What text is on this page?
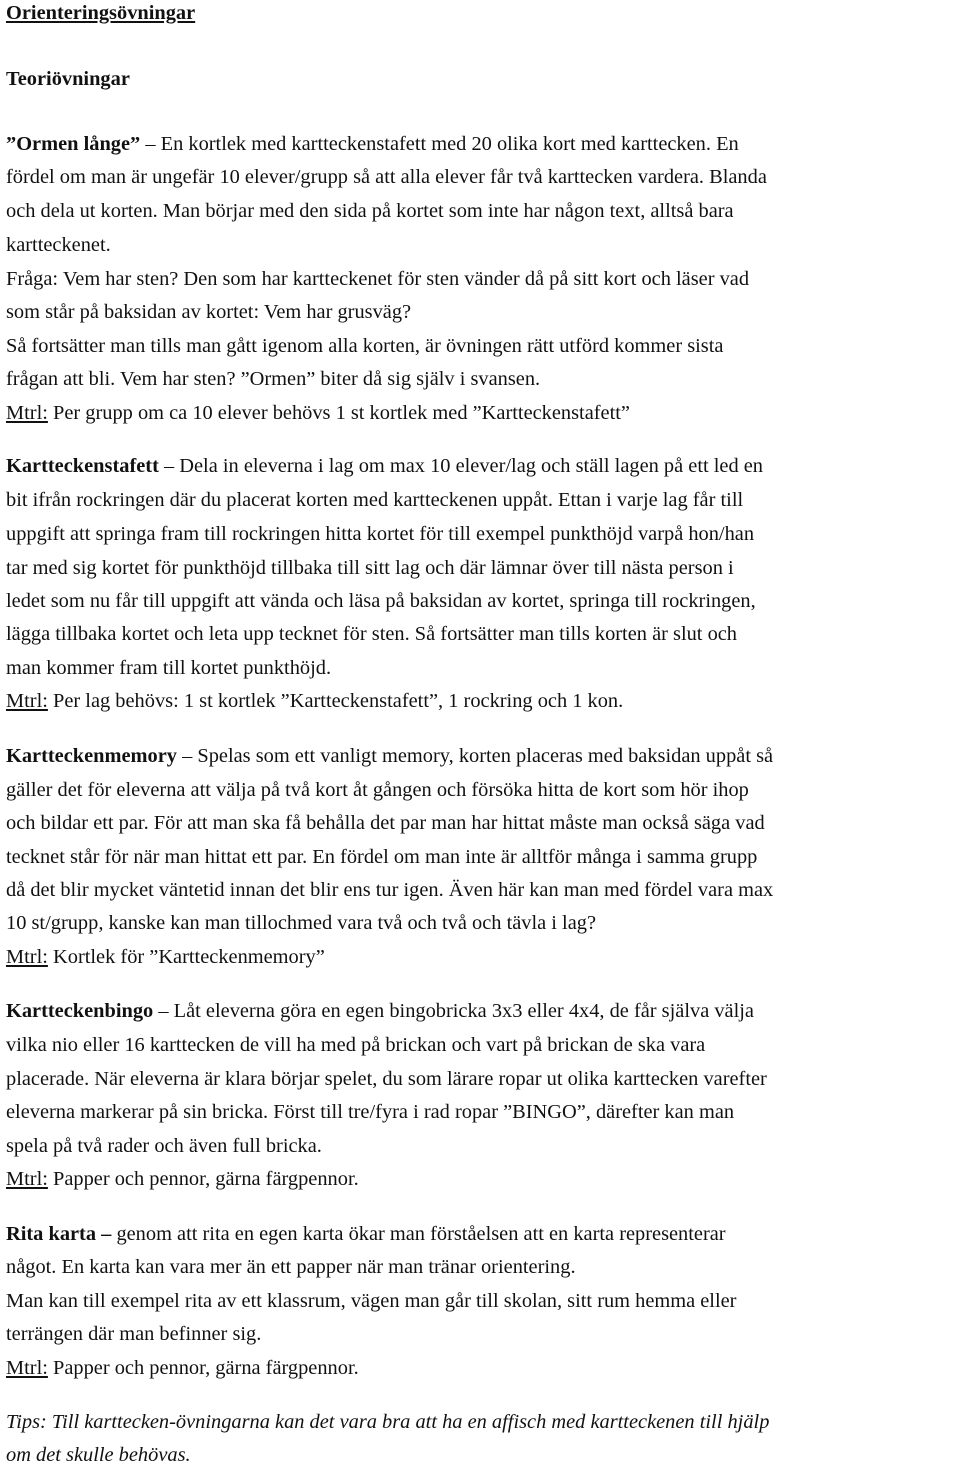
Orienteringsövningar
Teoriövningar
”Ormen långe” – En kortlek med kartteckenstafett med 20 olika kort med karttecken. En
fördel om man är ungefär 10 elever/grupp så att alla elever får två karttecken vardera. Blanda
och dela ut korten. Man börjar med den sida på kortet som inte har någon text, alltså bara
kartteckenet.
Fråga: Vem har sten? Den som har kartteckenet för sten vänder då på sitt kort och läser vad
som står på baksidan av kortet: Vem har grusväg?
Så fortsätter man tills man gått igenom alla korten, är övningen rätt utförd kommer sista
frågan att bli. Vem har sten? ”Ormen” biter då sig själv i svansen.
Mtrl: Per grupp om ca 10 elever behövs 1 st kortlek med ”Kartteckenstafett”
Kartteckenstafett – Dela in eleverna i lag om max 10 elever/lag och ställ lagen på ett led en
bit ifrån rockringen där du placerat korten med kartteckenen uppåt. Ettan i varje lag får till
uppgift att springa fram till rockringen hitta kortet för till exempel punkthöjd varpå hon/han
tar med sig kortet för punkthöjd tillbaka till sitt lag och där lämnar över till nästa person i
ledet som nu får till uppgift att vända och läsa på baksidan av kortet, springa till rockringen,
lägga tillbaka kortet och leta upp tecknet för sten. Så fortsätter man tills korten är slut och
man kommer fram till kortet punkthöjd.
Mtrl: Per lag behövs: 1 st kortlek ”Kartteckenstafett”, 1 rockring och 1 kon.
Kartteckenmemory – Spelas som ett vanligt memory, korten placeras med baksidan uppåt så
gäller det för eleverna att välja på två kort åt gången och försöka hitta de kort som hör ihop
och bildar ett par. För att man ska få behålla det par man har hittat måste man också säga vad
tecknet står för när man hittat ett par. En fördel om man inte är alltför många i samma grupp
då det blir mycket väntetid innan det blir ens tur igen. Även här kan man med fördel vara max
10 st/grupp, kanske kan man tillochmed vara två och två och tävla i lag?
Mtrl: Kortlek för ”Kartteckenmemory”
Kartteckenbingo – Låt eleverna göra en egen bingobricka 3x3 eller 4x4, de får själva välja
vilka nio eller 16 karttecken de vill ha med på brickan och vart på brickan de ska vara
placerade. När eleverna är klara börjar spelet, du som lärare ropar ut olika karttecken varefter
eleverna markerar på sin bricka. Först till tre/fyra i rad ropar ”BINGO”, därefter kan man
spela på två rader och även full bricka.
Mtrl: Papper och pennor, gärna färgpennor.
Rita karta – genom att rita en egen karta ökar man förståelsen att en karta representerar
något. En karta kan vara mer än ett papper när man tränar orientering.
Man kan till exempel rita av ett klassrum, vägen man går till skolan, sitt rum hemma eller
terrängen där man befinner sig.
Mtrl: Papper och pennor, gärna färgpennor.
Tips: Till karttecken-övningarna kan det vara bra att ha en affisch med kartteckenen till hjälp
om det skulle behövas.
